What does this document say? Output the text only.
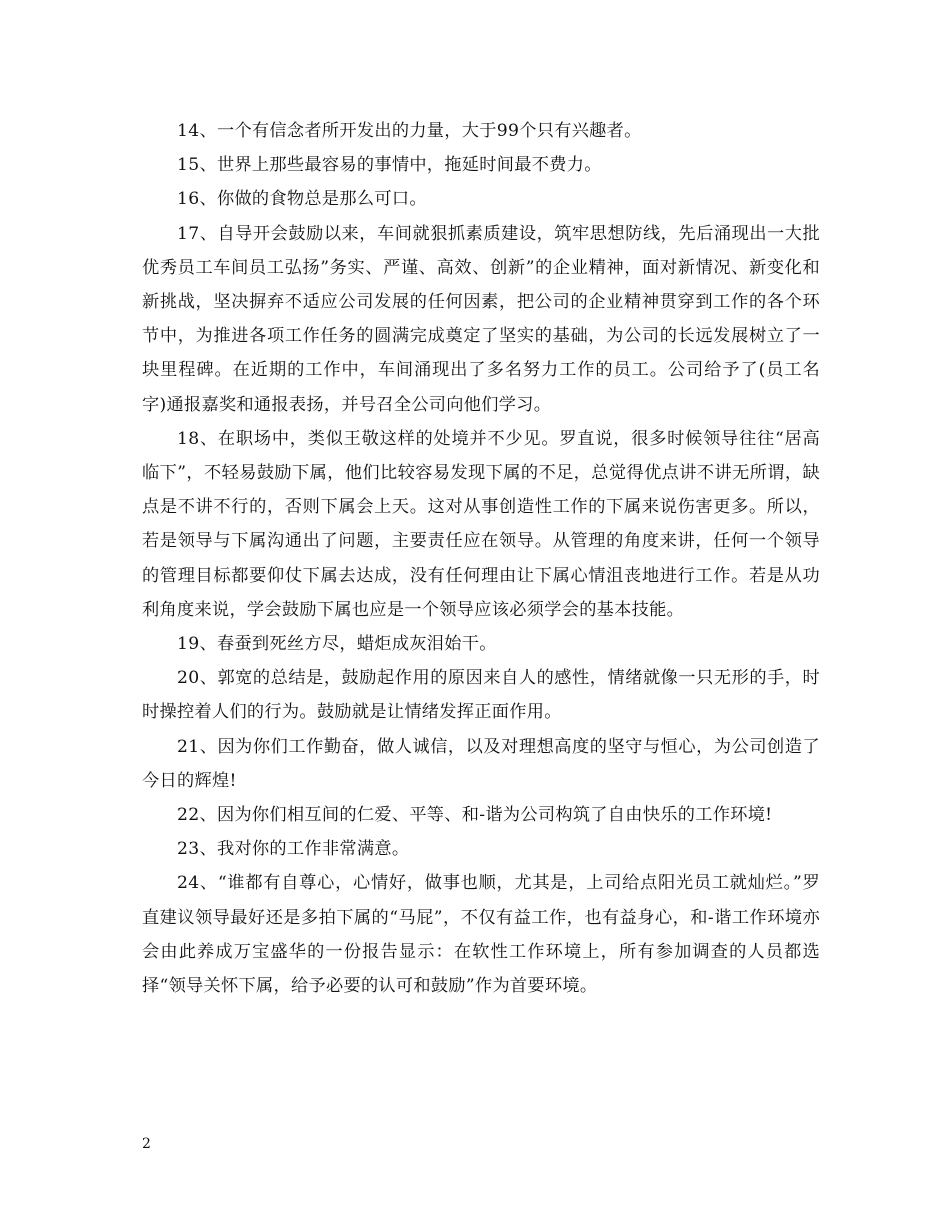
14、一个有信念者所开发出的力量，大于99个只有兴趣者。

15、世界上那些最容易的事情中，拖延时间最不费力。

16、你做的食物总是那么可口。

17、自导开会鼓励以来，车间就狠抓素质建设，筑牢思想防线，先后涌现出一大批优秀员工车间员工弘扬”务实、严谨、高效、创新”的企业精神，面对新情况、新变化和新挑战，坚决摒弃不适应公司发展的任何因素，把公司的企业精神贯穿到工作的各个环节中，为推进各项工作任务的圆满完成奠定了坚实的基础，为公司的长远发展树立了一块里程碑。在近期的工作中，车间涌现出了多名努力工作的员工。公司给予了(员工名字)通报嘉奖和通报表扬，并号召全公司向他们学习。

18、在职场中，类似王敬这样的处境并不少见。罗直说，很多时候领导往往“居高临下”，不轻易鼓励下属，他们比较容易发现下属的不足，总觉得优点讲不讲无所谓，缺点是不讲不行的，否则下属会上天。这对从事创造性工作的下属来说伤害更多。所以，若是领导与下属沟通出了问题，主要责任应在领导。从管理的角度来讲，任何一个领导的管理目标都要仰仗下属去达成，没有任何理由让下属心情沮丧地进行工作。若是从功利角度来说，学会鼓励下属也应是一个领导应该必须学会的基本技能。

19、春蚕到死丝方尽，蜡炬成灰泪始干。

20、郭宽的总结是，鼓励起作用的原因来自人的感性，情绪就像一只无形的手，时时操控着人们的行为。鼓励就是让情绪发挥正面作用。

21、因为你们工作勤奋，做人诚信，以及对理想高度的坚守与恒心，为公司创造了今日的辉煌!

22、因为你们相互间的仁爱、平等、和-谐为公司构筑了自由快乐的工作环境!

23、我对你的工作非常满意。

24、“谁都有自尊心，心情好，做事也顺，尤其是，上司给点阳光员工就灿烂。”罗直建议领导最好还是多拍下属的“马屁”，不仅有益工作，也有益身心，和-谐工作环境亦会由此养成万宝盛华的一份报告显示：在软性工作环境上，所有参加调查的人员都选择“领导关怀下属，给予必要的认可和鼓励”作为首要环境。

2
